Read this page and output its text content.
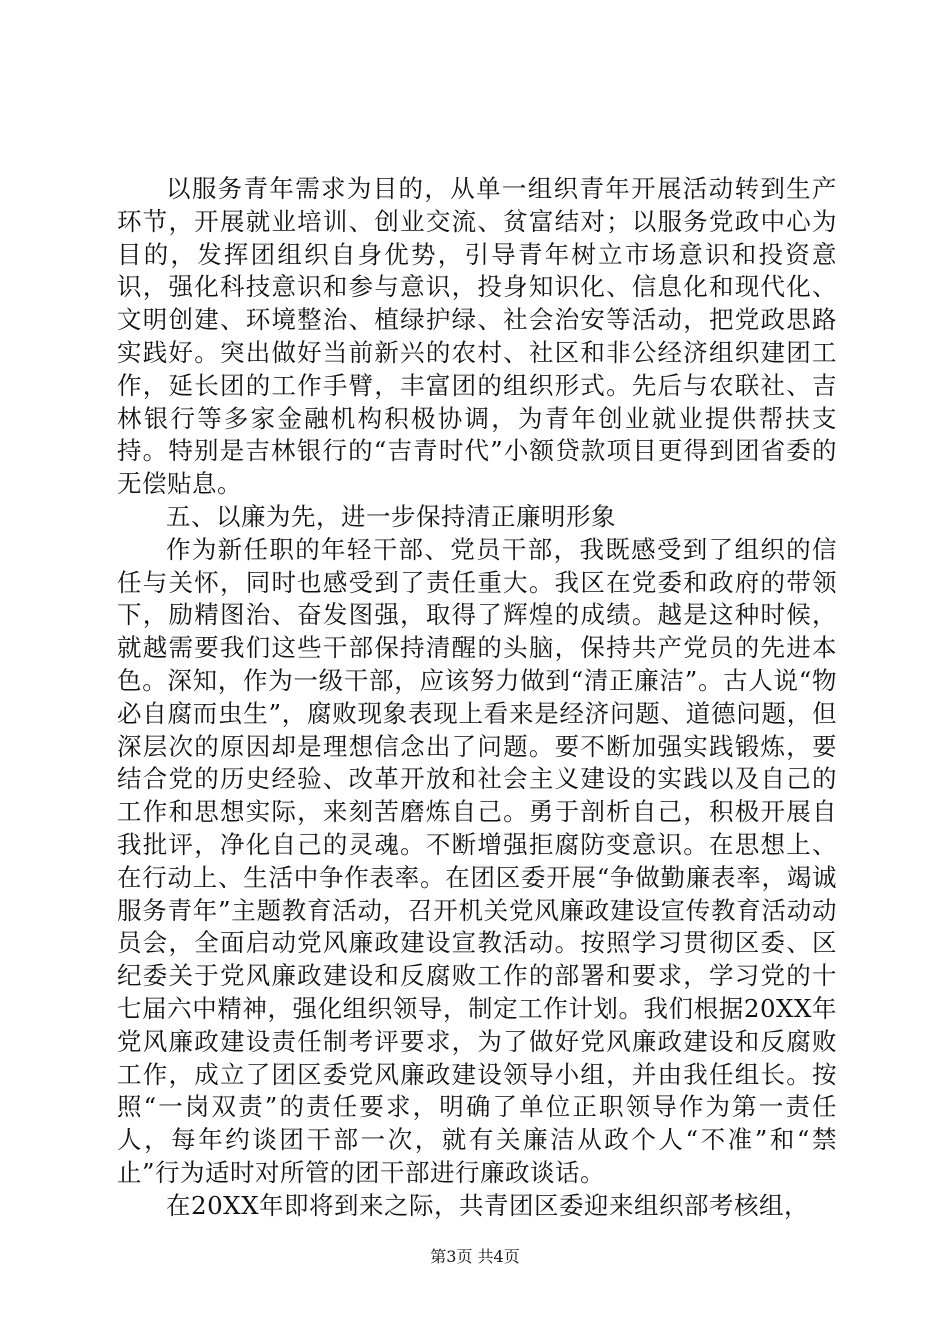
以服务青年需求为目的，从单一组织青年开展活动转到生产环节，开展就业培训、创业交流、贫富结对；以服务党政中心为目的，发挥团组织自身优势，引导青年树立市场意识和投资意识，强化科技意识和参与意识，投身知识化、信息化和现代化、文明创建、环境整治、植绿护绿、社会治安等活动，把党政思路实践好。突出做好当前新兴的农村、社区和非公经济组织建团工作，延长团的工作手臂，丰富团的组织形式。先后与农联社、吉林银行等多家金融机构积极协调，为青年创业就业提供帮扶支持。特别是吉林银行的“吉青时代”小额贷款项目更得到团省委的无偿贴息。

五、以廉为先，进一步保持清正廉明形象

作为新任职的年轻干部、党员干部，我既感受到了组织的信任与关怀，同时也感受到了责任重大。我区在党委和政府的带领下，励精图治、奋发图强，取得了辉煌的成绩。越是这种时候，就越需要我们这些干部保持清醒的头脑，保持共产党员的先进本色。深知，作为一级干部，应该努力做到“清正廉洁”。古人说“物必自腐而虫生”，腐败现象表现上看来是经济问题、道德问题，但深层次的原因却是理想信念出了问题。要不断加强实践锻炼，要结合党的历史经验、改革开放和社会主义建设的实践以及自己的工作和思想实际，来刻苦磨炼自己。勇于剖析自己，积极开展自我批评，净化自己的灵魂。不断增强拒腐防变意识。在思想上、在行动上、生活中争作表率。在团区委开展“争做勤廉表率，竭诚服务青年”主题教育活动，召开机关党风廉政建设宣传教育活动动员会，全面启动党风廉政建设宣教活动。按照学习贯彻区委、区纪委关于党风廉政建设和反腐败工作的部署和要求，学习党的十七届六中精神，强化组织领导，制定工作计划。我们根据20XX年党风廉政建设责任制考评要求，为了做好党风廉政建设和反腐败工作，成立了团区委党风廉政建设领导小组，并由我任组长。按照“一岗双责”的责任要求，明确了单位正职领导作为第一责任人，每年约谈团干部一次，就有关廉洁从政个人“不准”和“禁止”行为适时对所管的团干部进行廉政谈话。

在20XX年即将到来之际，共青团区委迎来组织部考核组，

第3页 共4页
